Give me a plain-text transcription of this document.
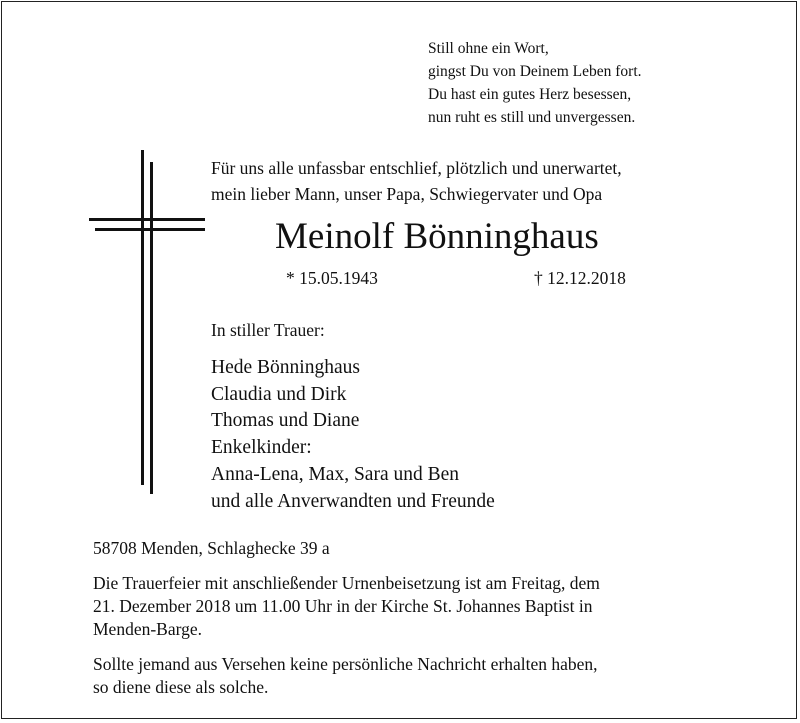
Still ohne ein Wort,
gingst Du von Deinem Leben fort.
Du hast ein gutes Herz besessen,
nun ruht es still und unvergessen.
Für uns alle unfassbar entschlief, plötzlich und unerwartet,
mein lieber Mann, unser Papa, Schwiegervater und Opa
Meinolf Bönninghaus
* 15.05.1943	† 12.12.2018
In stiller Trauer:
Hede Bönninghaus
Claudia und Dirk
Thomas und Diane
Enkelkinder:
Anna-Lena, Max, Sara und Ben
und alle Anverwandten und Freunde
58708 Menden, Schlaghecke 39 a
Die Trauerfeier mit anschließender Urnenbeisetzung ist am Freitag, dem
21. Dezember 2018 um 11.00 Uhr in der Kirche St. Johannes Baptist in
Menden-Barge.
Sollte jemand aus Versehen keine persönliche Nachricht erhalten haben,
so diene diese als solche.
